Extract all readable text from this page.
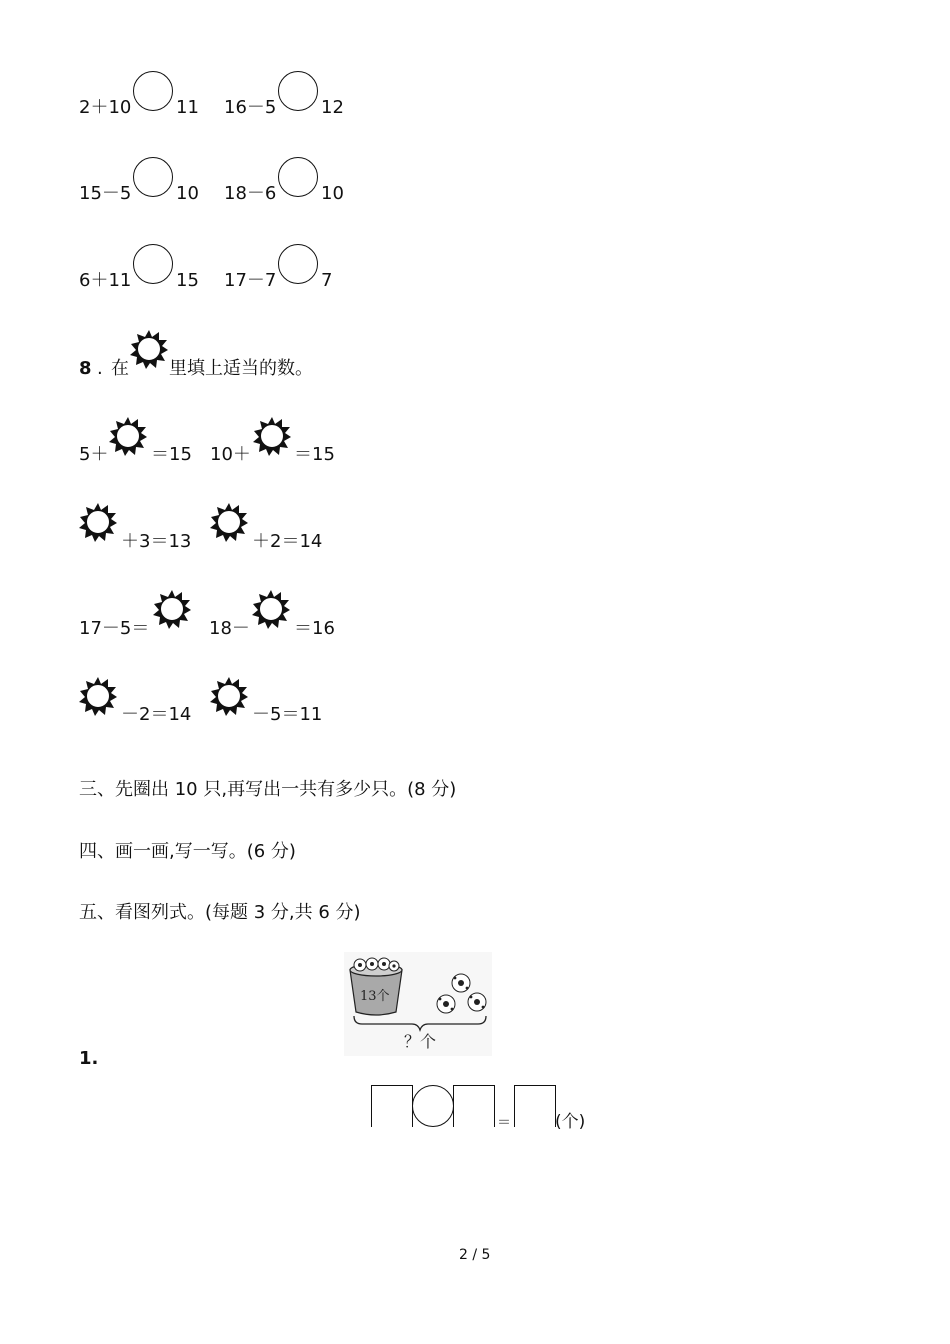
2＋10 11 16－5 12
15－5 10 18－6 10
6＋11 15 17－7 7
8 . 在 里填上适当的数。
5＋ ＝15 10＋ ＝15
＋3＝13	＋2＝14
17－5＝	18－ ＝16
－2＝14	－5＝11
三、先圈出 10 只,再写出一共有多少只。(8 分)
四、画一画,写一写。(6 分)
五、看图列式。(每题 3 分,共 6 分)
13个
？个
1.
＝	(个)
2 / 5
